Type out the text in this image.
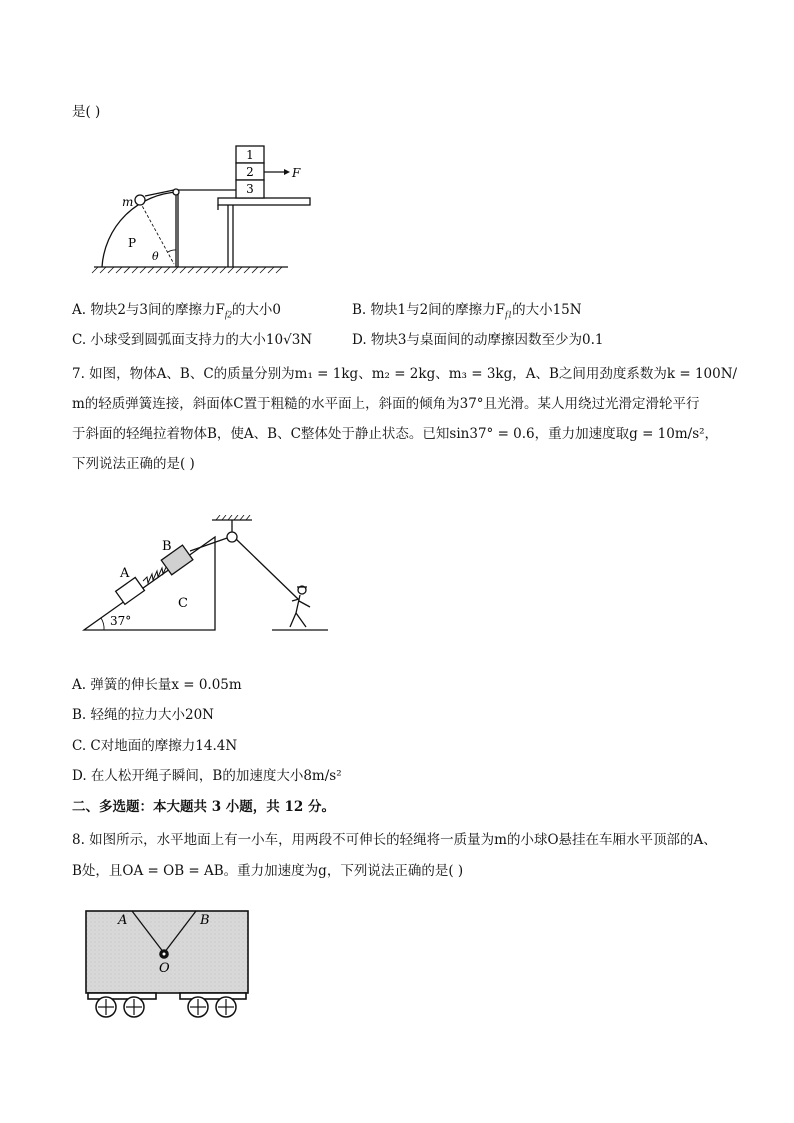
是( )
1
2
3
F
m
P
θ
A. 物块2与3间的摩擦力$F_{f2}$的大小0	B. 物块1与2间的摩擦力$F_{f1}$的大小15N
C. 小球受到圆弧面支持力的大小10√3N	D. 物块3与桌面间的动摩擦因数至少为0.1
7. 如图，物体A、B、C的质量分别为m₁ = 1kg、m₂ = 2kg、m₃ = 3kg，A、B之间用劲度系数为k = 100N/
m的轻质弹簧连接，斜面体C置于粗糙的水平面上，斜面的倾角为37°且光滑。某人用绕过光滑定滑轮平行
于斜面的轻绳拉着物体B，使A、B、C整体处于静止状态。已知sin37° = 0.6，重力加速度取g = 10m/s²，
下列说法正确的是( )
A
B
C
37°
A. 弹簧的伸长量x = 0.05m
B. 轻绳的拉力大小20N
C. C对地面的摩擦力14.4N
D. 在人松开绳子瞬间，B的加速度大小8m/s²
二、多选题：本大题共 3 小题，共 12 分。
8. 如图所示，水平地面上有一小车，用两段不可伸长的轻绳将一质量为m的小球O悬挂在车厢水平顶部的A、
B处，且OA = OB = AB。重力加速度为g，下列说法正确的是( )
A	B
O
